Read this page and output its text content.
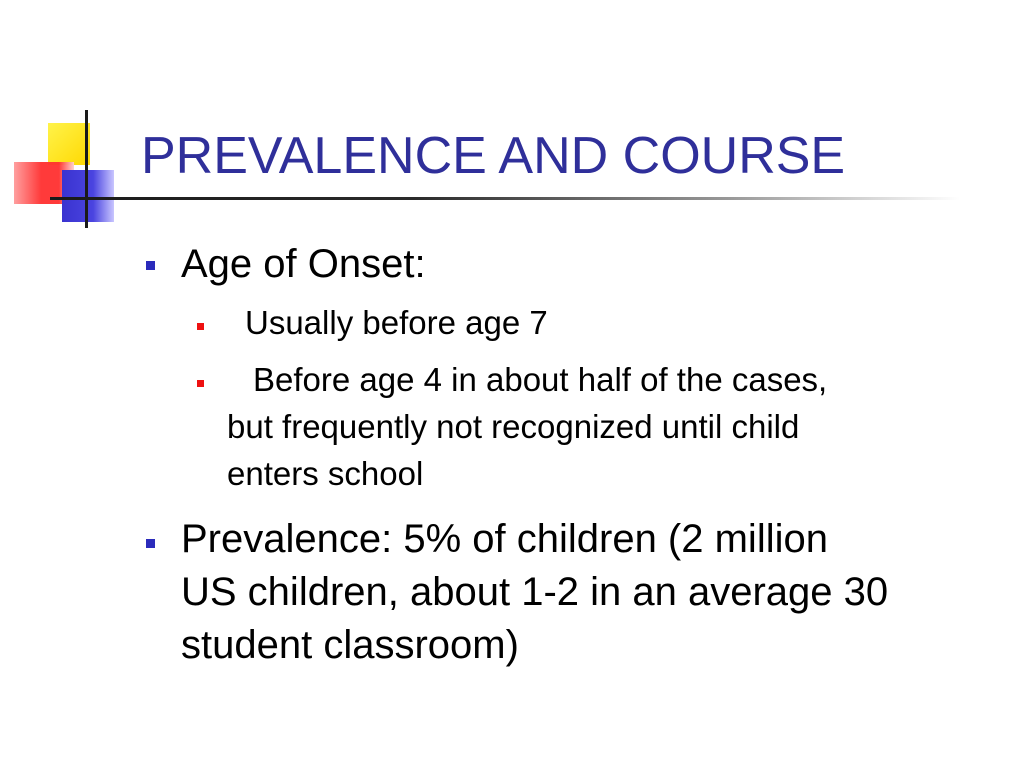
PREVALENCE AND COURSE
Age of Onset:
Usually before age 7
Before age 4 in about half of the cases,
but frequently not recognized until child
enters school
Prevalence: 5% of children (2 million
US children, about 1-2 in an average 30
student classroom)
